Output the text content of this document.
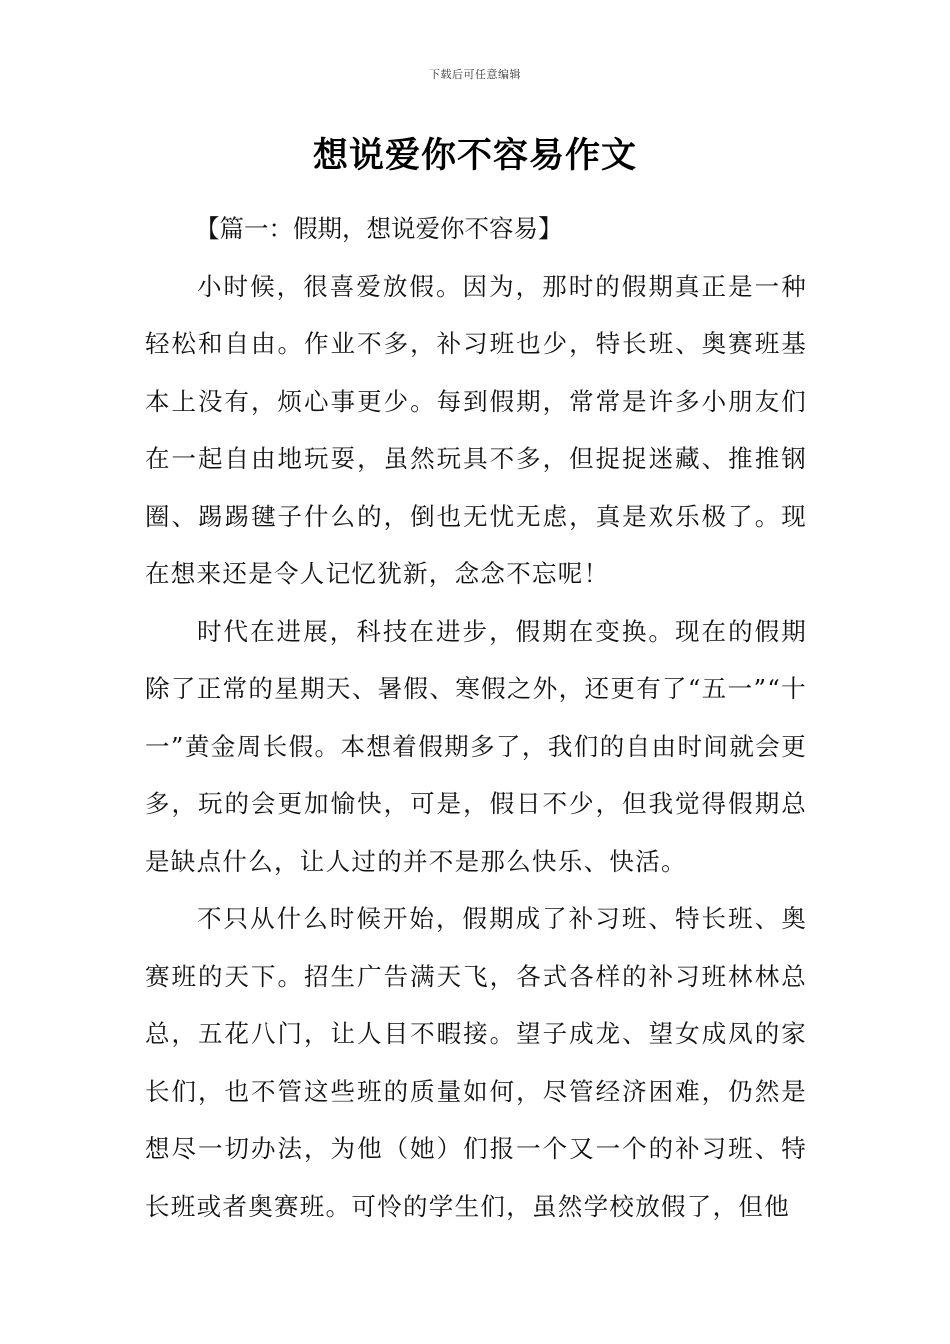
下载后可任意编辑
想说爱你不容易作文

【篇一：假期，想说爱你不容易】

小时候，很喜爱放假。因为，那时的假期真正是一种轻松和自由。作业不多，补习班也少，特长班、奥赛班基本上没有，烦心事更少。每到假期，常常是许多小朋友们在一起自由地玩耍，虽然玩具不多，但捉捉迷藏、推推钢圈、踢踢毽子什么的，倒也无忧无虑，真是欢乐极了。现在想来还是令人记忆犹新，念念不忘呢！

时代在进展，科技在进步，假期在变换。现在的假期除了正常的星期天、暑假、寒假之外，还更有了“五一”“十一”黄金周长假。本想着假期多了，我们的自由时间就会更多，玩的会更加愉快，可是，假日不少，但我觉得假期总是缺点什么，让人过的并不是那么快乐、快活。

不只从什么时候开始，假期成了补习班、特长班、奥赛班的天下。招生广告满天飞，各式各样的补习班林林总总，五花八门，让人目不暇接。望子成龙、望女成凤的家长们，也不管这些班的质量如何，尽管经济困难，仍然是想尽一切办法，为他（她）们报一个又一个的补习班、特长班或者奥赛班。可怜的学生们，虽然学校放假了，但他
